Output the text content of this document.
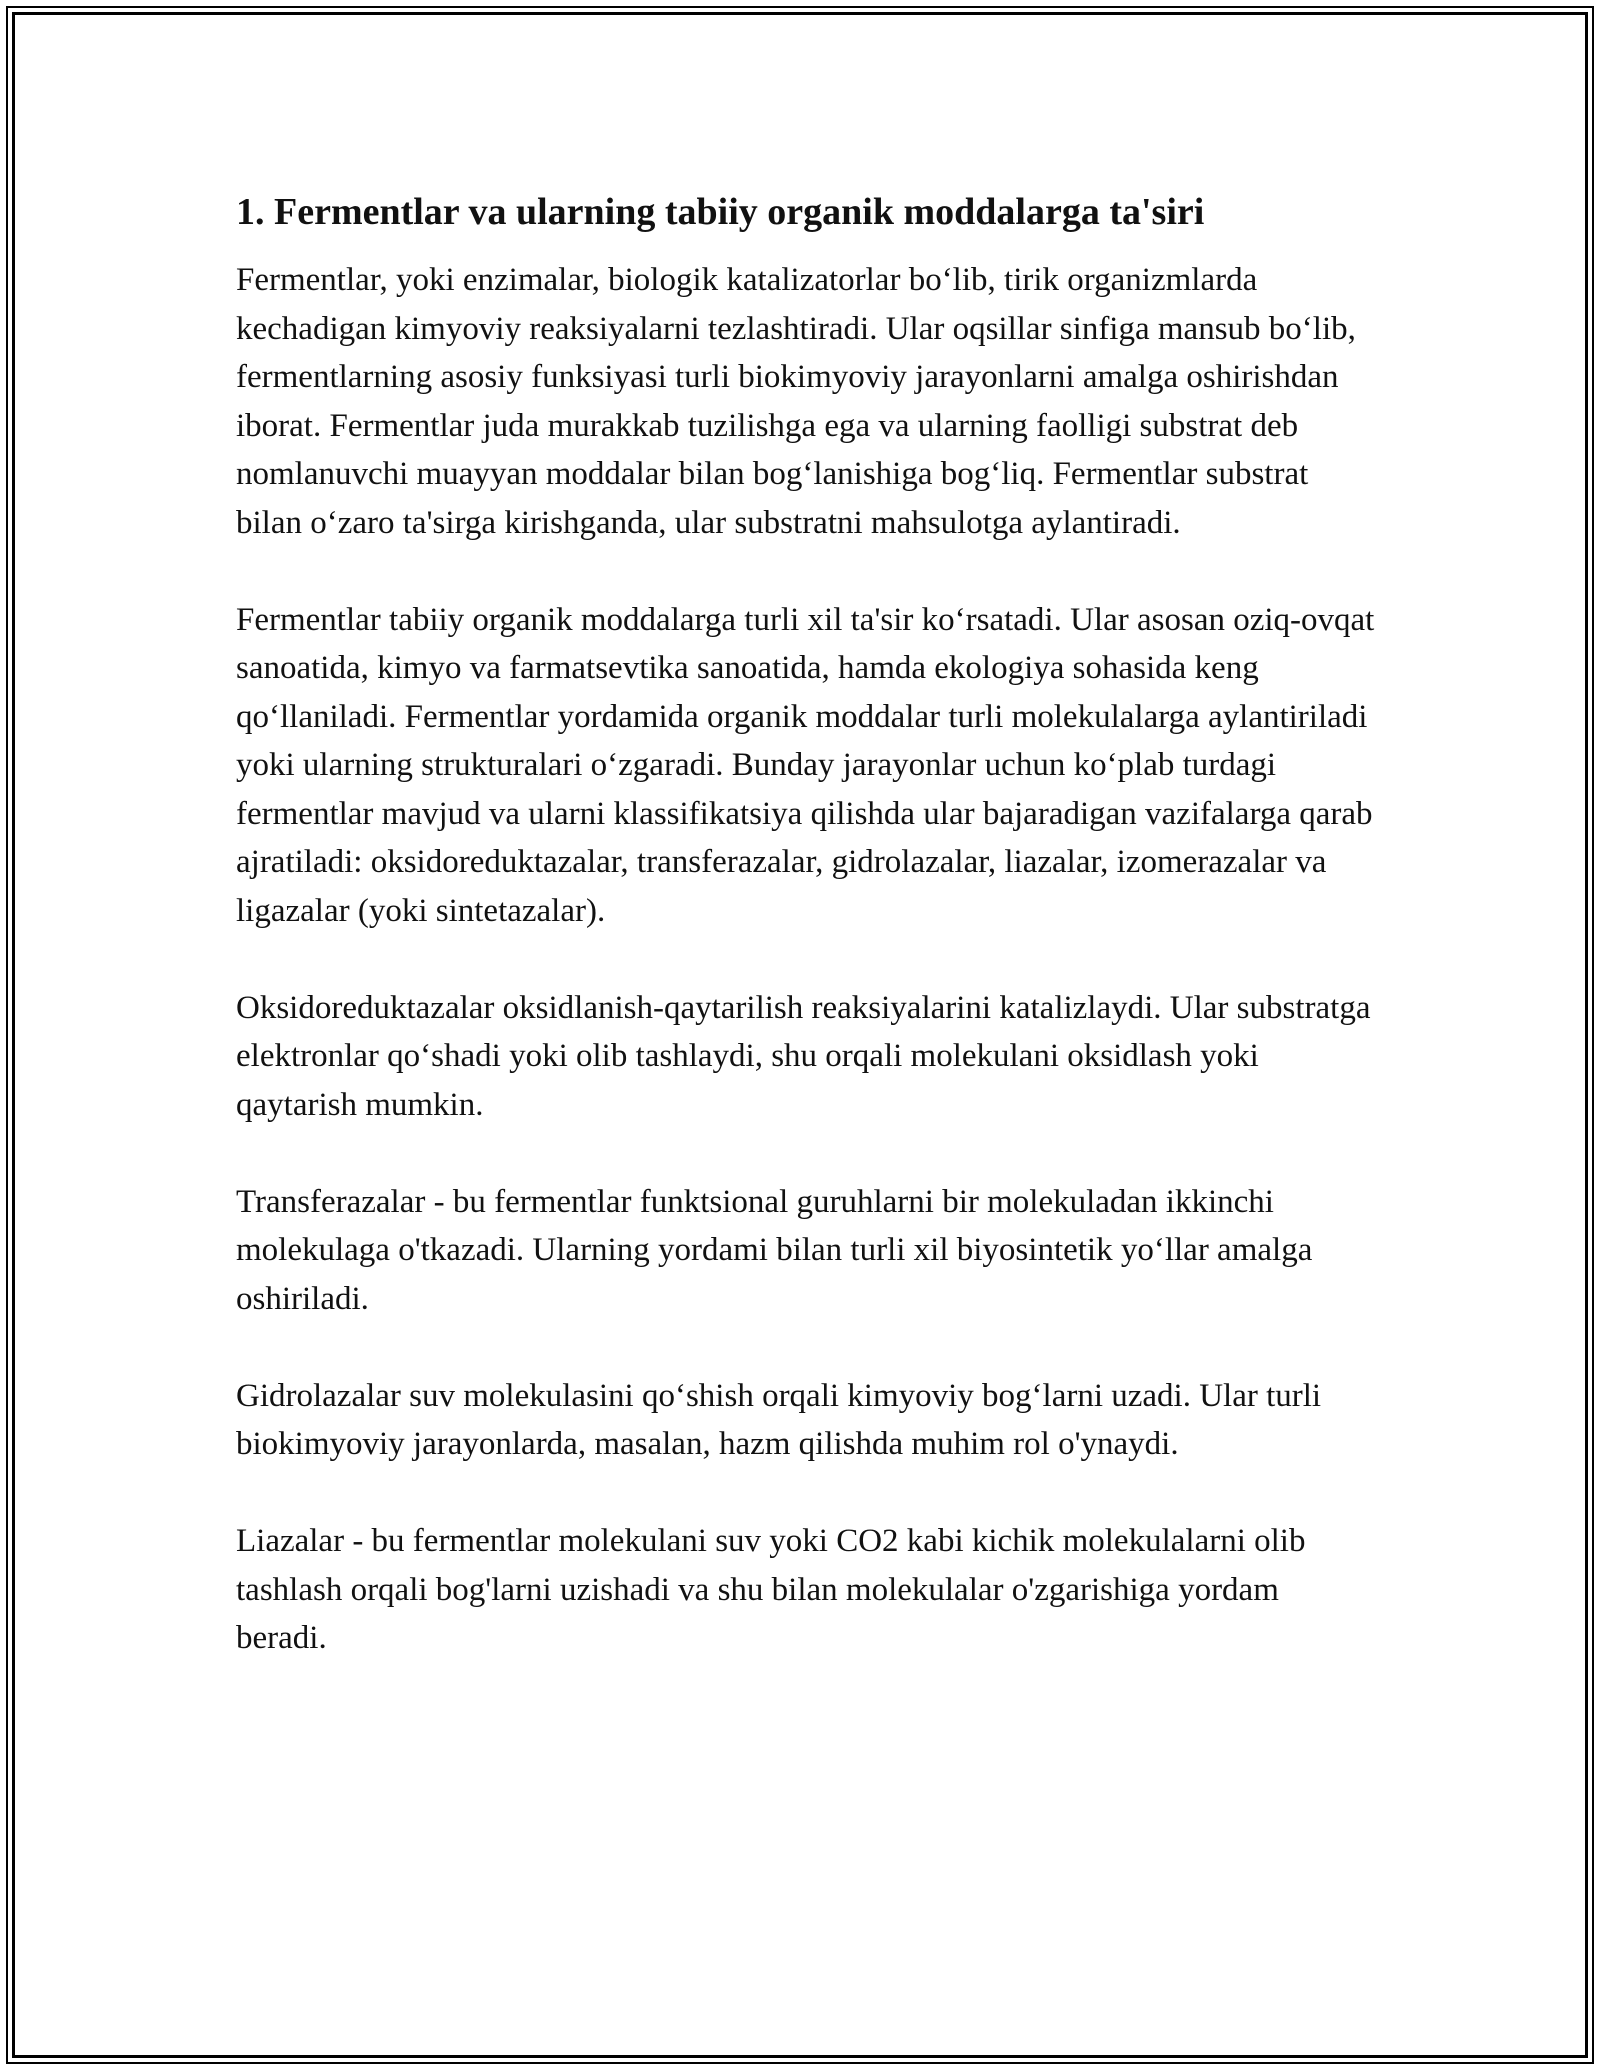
1. Fermentlar va ularning tabiiy organik moddalarga ta'siri

Fermentlar, yoki enzimalar, biologik katalizatorlar bo‘lib, tirik organizmlarda kechadigan kimyoviy reaksiyalarni tezlashtiradi. Ular oqsillar sinfiga mansub bo‘lib, fermentlarning asosiy funksiyasi turli biokimyoviy jarayonlarni amalga oshirishdan iborat. Fermentlar juda murakkab tuzilishga ega va ularning faolligi substrat deb nomlanuvchi muayyan moddalar bilan bog‘lanishiga bog‘liq. Fermentlar substrat bilan o‘zaro ta'sirga kirishganda, ular substratni mahsulotga aylantiradi.

Fermentlar tabiiy organik moddalarga turli xil ta'sir ko‘rsatadi. Ular asosan oziq-ovqat sanoatida, kimyo va farmatsevtika sanoatida, hamda ekologiya sohasida keng qo‘llaniladi. Fermentlar yordamida organik moddalar turli molekulalarga aylantiriladi yoki ularning strukturalari o‘zgaradi. Bunday jarayonlar uchun ko‘plab turdagi fermentlar mavjud va ularni klassifikatsiya qilishda ular bajaradigan vazifalarga qarab ajratiladi: oksidoreduktazalar, transferazalar, gidrolazalar, liazalar, izomerazalar va ligazalar (yoki sintetazalar).

Oksidoreduktazalar oksidlanish-qaytarilish reaksiyalarini katalizlaydi. Ular substratga elektronlar qo‘shadi yoki olib tashlaydi, shu orqali molekulani oksidlash yoki qaytarish mumkin.

Transferazalar - bu fermentlar funktsional guruhlarni bir molekuladan ikkinchi molekulaga o'tkazadi. Ularning yordami bilan turli xil biyosintetik yo‘llar amalga oshiriladi.

Gidrolazalar suv molekulasini qo‘shish orqali kimyoviy bog‘larni uzadi. Ular turli biokimyoviy jarayonlarda, masalan, hazm qilishda muhim rol o'ynaydi.

Liazalar - bu fermentlar molekulani suv yoki CO2 kabi kichik molekulalarni olib tashlash orqali bog'larni uzishadi va shu bilan molekulalar o'zgarishiga yordam beradi.
